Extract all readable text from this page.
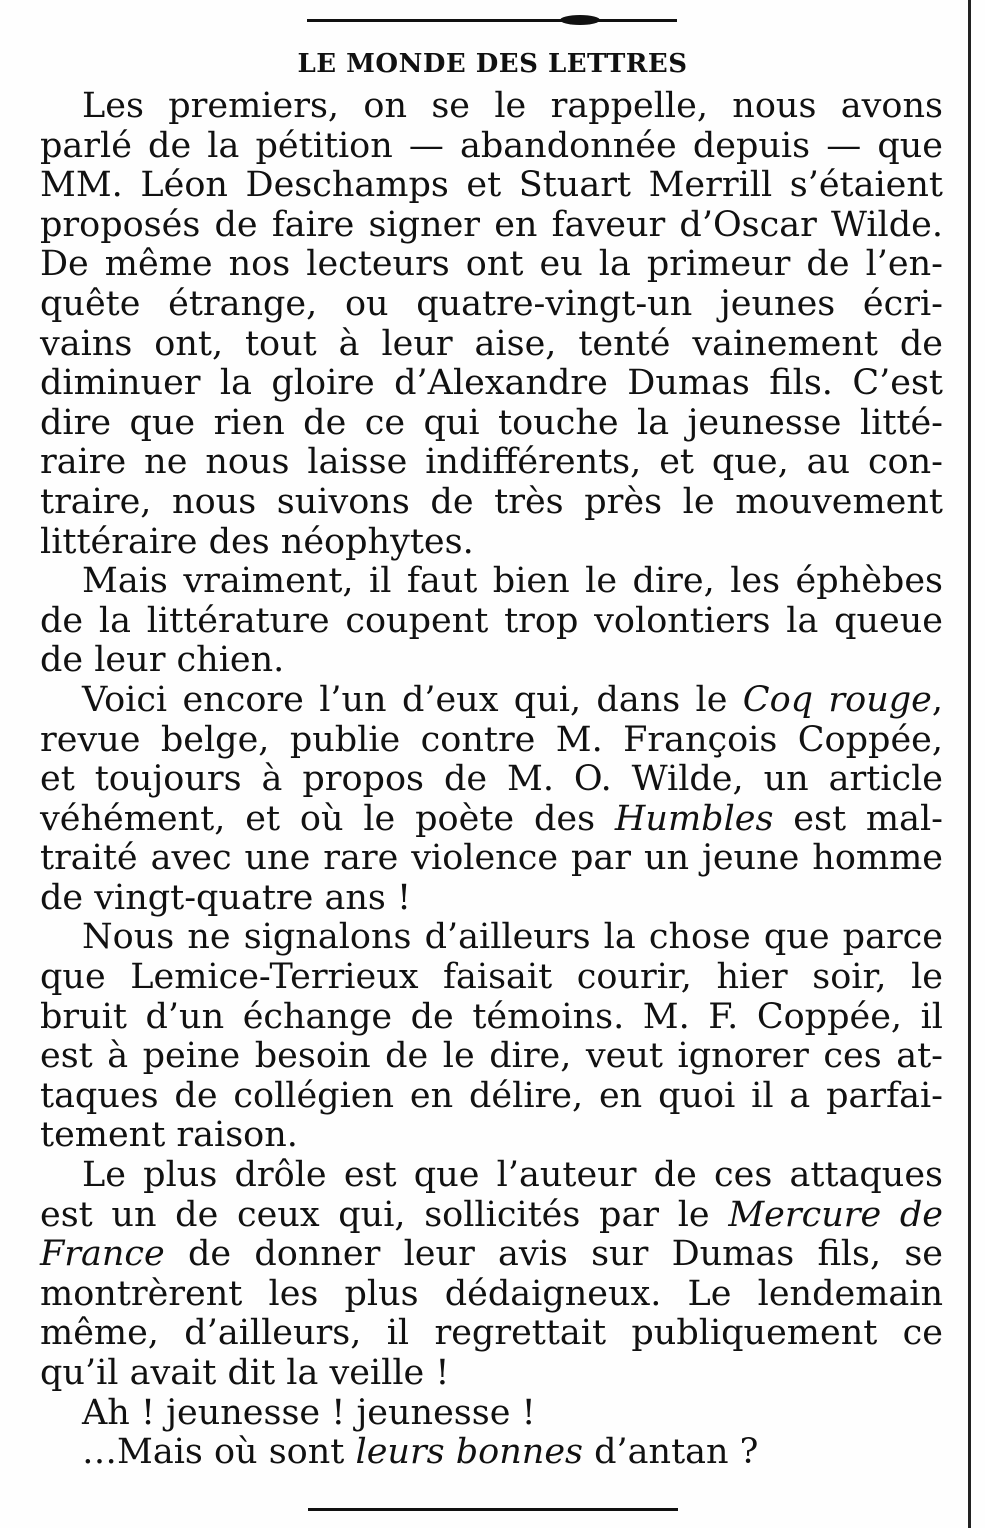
LE MONDE DES LETTRES
Les premiers, on se le rappelle, nous avons
parlé de la pétition — abandonnée depuis — que
MM. Léon Deschamps et Stuart Merrill s’étaient
proposés de faire signer en faveur d’Oscar Wilde.
De même nos lecteurs ont eu la primeur de l’en-
quête étrange, ou quatre-vingt-un jeunes écri-
vains ont, tout à leur aise, tenté vainement de
diminuer la gloire d’Alexandre Dumas fils. C’est
dire que rien de ce qui touche la jeunesse litté-
raire ne nous laisse indifférents, et que, au con-
traire, nous suivons de très près le mouvement
littéraire des néophytes.
Mais vraiment, il faut bien le dire, les éphèbes
de la littérature coupent trop volontiers la queue
de leur chien.
Voici encore l’un d’eux qui, dans le Coq rouge,
revue belge, publie contre M. François Coppée,
et toujours à propos de M. O. Wilde, un article
véhément, et où le poète des Humbles est mal-
traité avec une rare violence par un jeune homme
de vingt-quatre ans !
Nous ne signalons d’ailleurs la chose que parce
que Lemice-Terrieux faisait courir, hier soir, le
bruit d’un échange de témoins. M. F. Coppée, il
est à peine besoin de le dire, veut ignorer ces at-
taques de collégien en délire, en quoi il a parfai-
tement raison.
Le plus drôle est que l’auteur de ces attaques
est un de ceux qui, sollicités par le Mercure de
France de donner leur avis sur Dumas fils, se
montrèrent les plus dédaigneux. Le lendemain
même, d’ailleurs, il regrettait publiquement ce
qu’il avait dit la veille !
Ah ! jeunesse ! jeunesse !
…Mais où sont leurs bonnes d’antan ?
